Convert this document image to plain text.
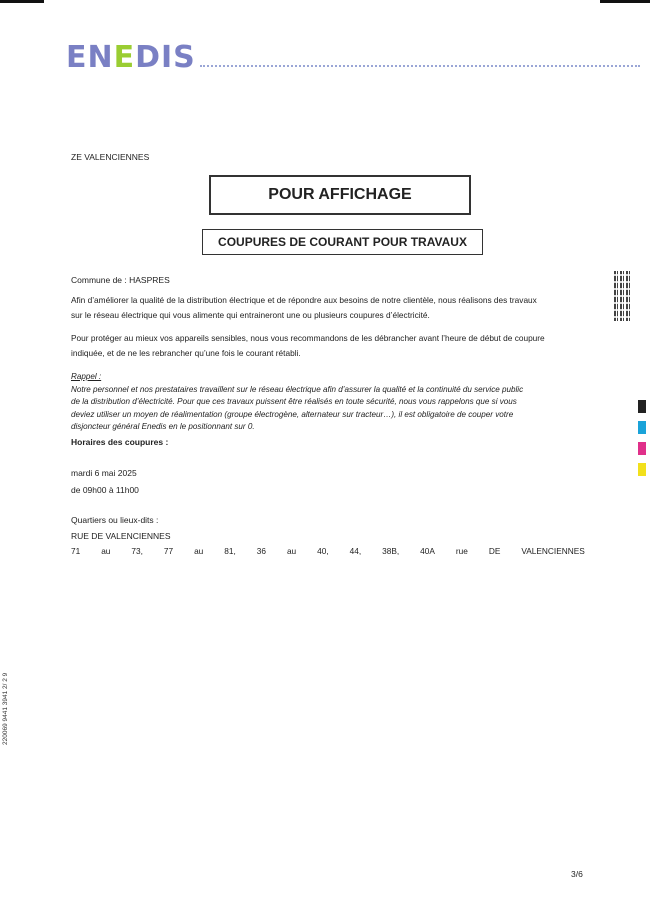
ENEDIS
ZE VALENCIENNES
POUR AFFICHAGE
COUPURES DE COURANT POUR TRAVAUX
Commune de : HASPRES
Afin d’améliorer la qualité de la distribution électrique et de répondre aux besoins de notre clientèle, nous réalisons des travaux
sur le réseau électrique qui vous alimente qui entraineront une ou plusieurs coupures d’électricité.
Pour protéger au mieux vos appareils sensibles, nous vous recommandons de les débrancher avant l’heure de début de coupure
indiquée, et de ne les rebrancher qu’une fois le courant rétabli.
Rappel :
Notre personnel et nos prestataires travaillent sur le réseau électrique afin d’assurer la qualité et la continuité du service public
de la distribution d’électricité. Pour que ces travaux puissent être réalisés en toute sécurité, nous vous rappelons que si vous
deviez utiliser un moyen de réalimentation (groupe électrogène, alternateur sur tracteur…), il est obligatoire de couper votre
disjoncteur général Enedis en le positionnant sur 0.
Horaires des coupures :
mardi 6 mai 2025
de 09h00 à 11h00
Quartiers ou lieux-dits :
RUE DE VALENCIENNES
71	au	73,	77	au	81,	36	au	40,	44,	38B,	40A	rue	DE	VALENCIENNES
220069 9441 3941 2/ 2 9
3/6
